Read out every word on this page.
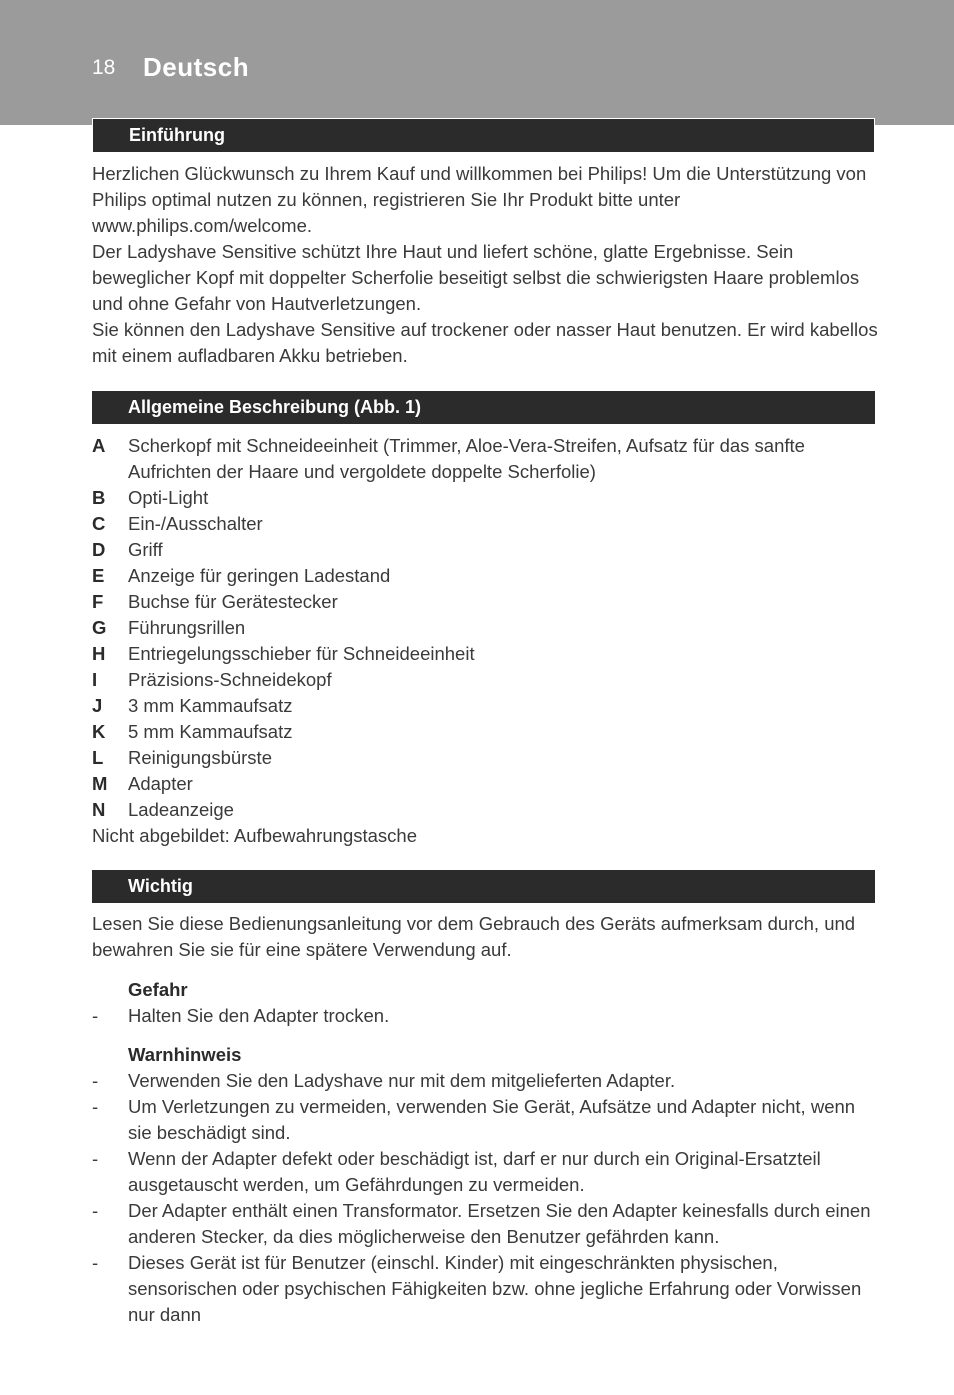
18 Deutsch
Einführung

Herzlichen Glückwunsch zu Ihrem Kauf und willkommen bei Philips! Um die Unterstützung von Philips optimal nutzen zu können, registrieren Sie Ihr Produkt bitte unter www.philips.com/welcome.

Der Ladyshave Sensitive schützt Ihre Haut und liefert schöne, glatte Ergebnisse. Sein beweglicher Kopf mit doppelter Scherfolie beseitigt selbst die schwierigsten Haare problemlos und ohne Gefahr von Hautverletzungen.

Sie können den Ladyshave Sensitive auf trockener oder nasser Haut benutzen. Er wird kabellos mit einem aufladbaren Akku betrieben.

Allgemeine Beschreibung (Abb. 1)
A	Scherkopf mit Schneideeinheit (Trimmer, Aloe-Vera-Streifen, Aufsatz für das sanfte Aufrichten der Haare und vergoldete doppelte Scherfolie)
B	Opti-Light
C	Ein-/Ausschalter
D	Griff
E	Anzeige für geringen Ladestand
F	Buchse für Gerätestecker
G	Führungsrillen
H	Entriegelungsschieber für Schneideeinheit
I	Präzisions-Schneidekopf
J	3 mm Kammaufsatz
K	5 mm Kammaufsatz
L	Reinigungsbürste
M	Adapter
N	Ladeanzeige
Nicht abgebildet: Aufbewahrungstasche
Wichtig

Lesen Sie diese Bedienungsanleitung vor dem Gebrauch des Geräts aufmerksam durch, und bewahren Sie sie für eine spätere Verwendung auf.

Gefahr
-	Halten Sie den Adapter trocken.
Warnhinweis
-	Verwenden Sie den Ladyshave nur mit dem mitgelieferten Adapter.
-	Um Verletzungen zu vermeiden, verwenden Sie Gerät, Aufsätze und Adapter nicht, wenn sie beschädigt sind.
-	Wenn der Adapter defekt oder beschädigt ist, darf er nur durch ein Original-Ersatzteil ausgetauscht werden, um Gefährdungen zu vermeiden.
-	Der Adapter enthält einen Transformator. Ersetzen Sie den Adapter keinesfalls durch einen anderen Stecker, da dies möglicherweise den Benutzer gefährden kann.
-	Dieses Gerät ist für Benutzer (einschl. Kinder) mit eingeschränkten physischen, sensorischen oder psychischen Fähigkeiten bzw. ohne jegliche Erfahrung oder Vorwissen nur dann
